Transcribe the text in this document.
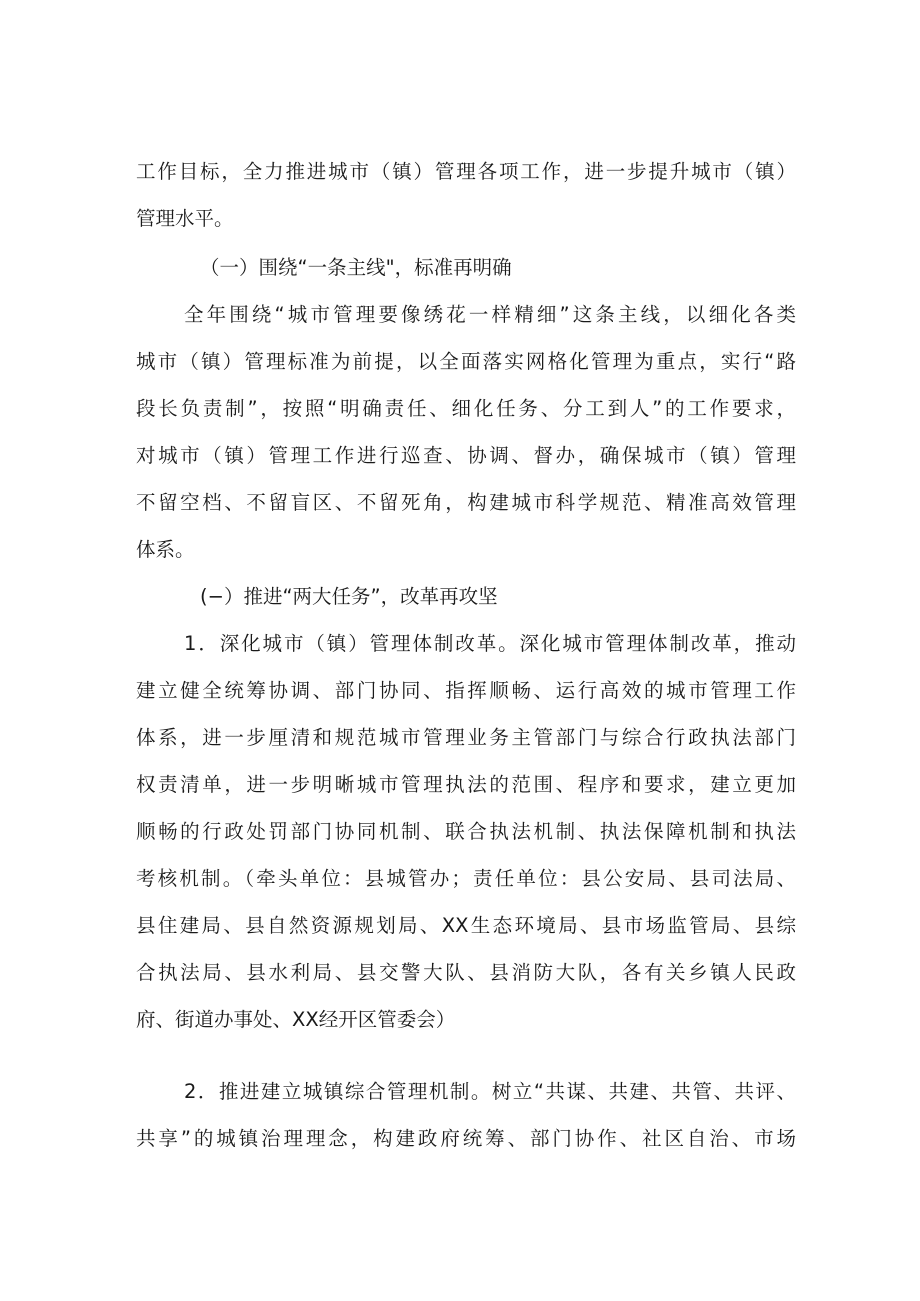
工作目标，全力推进城市（镇）管理各项工作，进一步提升城市（镇）
管理水平。
（一）围绕“一条主线"，标准再明确
全年围绕“城市管理要像绣花一样精细”这条主线，以细化各类
城市（镇）管理标准为前提，以全面落实网格化管理为重点，实行“路
段长负责制”，按照“明确责任、细化任务、分工到人”的工作要求，
对城市（镇）管理工作进行巡查、协调、督办，确保城市（镇）管理
不留空档、不留盲区、不留死角，构建城市科学规范、精准高效管理
体系。
(−）推进“两大任务”，改革再攻坚
1．深化城市（镇）管理体制改革。深化城市管理体制改革，推动
建立健全统筹协调、部门协同、指挥顺畅、运行高效的城市管理工作
体系，进一步厘清和规范城市管理业务主管部门与综合行政执法部门
权责清单，进一步明晰城市管理执法的范围、程序和要求，建立更加
顺畅的行政处罚部门协同机制、联合执法机制、执法保障机制和执法
考核机制。（牵头单位：县城管办；责任单位：县公安局、县司法局、
县住建局、县自然资源规划局、XX生态环境局、县市场监管局、县综
合执法局、县水利局、县交警大队、县消防大队，各有关乡镇人民政
府、街道办事处、XX经开区管委会）
2．推进建立城镇综合管理机制。树立“共谋、共建、共管、共评、
共享”的城镇治理理念，构建政府统筹、部门协作、社区自治、市场
